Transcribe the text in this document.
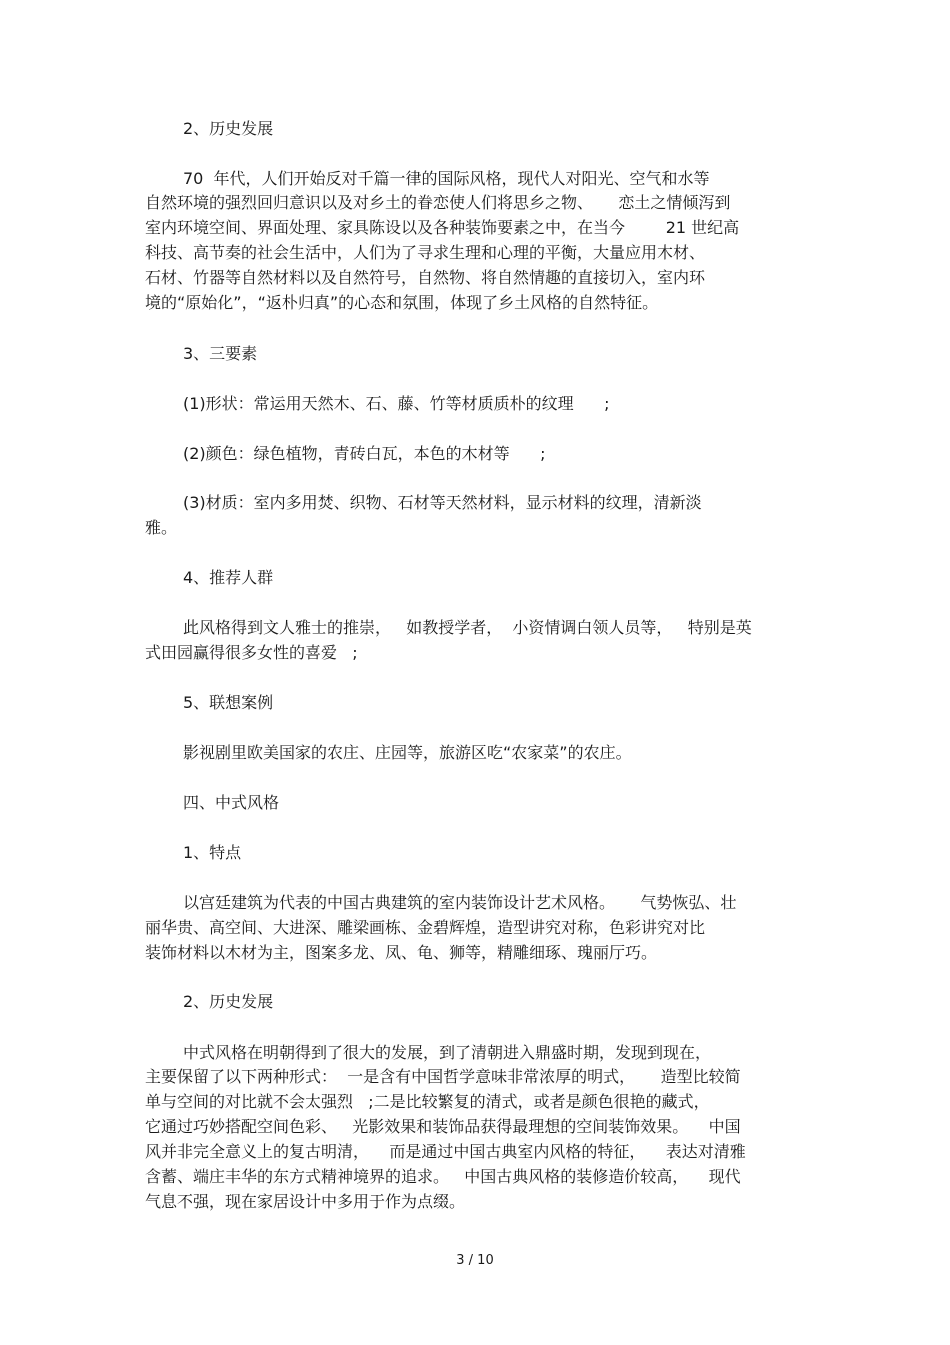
2、历史发展
70  年代，人们开始反对千篇一律的国际风格，现代人对阳光、空气和水等
自然环境的强烈回归意识以及对乡土的眷恋使人们将思乡之物、     恋土之情倾泻到
室内环境空间、界面处理、家具陈设以及各种装饰要素之中，在当今        21 世纪高
科技、高节奏的社会生活中，人们为了寻求生理和心理的平衡，大量应用木材、
石材、竹器等自然材料以及自然符号，自然物、将自然情趣的直接切入，室内环
境的“原始化”，“返朴归真”的心态和氛围，体现了乡土风格的自然特征。
3、三要素
(1)形状：常运用天然木、石、藤、竹等材质质朴的纹理      ;
(2)颜色：绿色植物，青砖白瓦，本色的木材等      ;
(3)材质：室内多用焚、织物、石材等天然材料，显示材料的纹理，清新淡
雅。
4、推荐人群
此风格得到文人雅士的推崇，   如教授学者，  小资情调白领人员等，   特别是英
式田园赢得很多女性的喜爱   ;
5、联想案例
影视剧里欧美国家的农庄、庄园等，旅游区吃“农家菜”的农庄。
四、中式风格
1、特点
以宫廷建筑为代表的中国古典建筑的室内装饰设计艺术风格。     气势恢弘、壮
丽华贵、高空间、大进深、雕梁画栋、金碧辉煌，造型讲究对称，色彩讲究对比
装饰材料以木材为主，图案多龙、凤、龟、狮等，精雕细琢、瑰丽厅巧。
2、历史发展
中式风格在明朝得到了很大的发展，到了清朝进入鼎盛时期，发现到现在，
主要保留了以下两种形式：  一是含有中国哲学意味非常浓厚的明式，     造型比较简
单与空间的对比就不会太强烈   ;二是比较繁复的清式，或者是颜色很艳的藏式，
它通过巧妙搭配空间色彩、   光影效果和装饰品获得最理想的空间装饰效果。    中国
风并非完全意义上的复古明清，    而是通过中国古典室内风格的特征，    表达对清雅
含蓄、端庄丰华的东方式精神境界的追求。   中国古典风格的装修造价较高，    现代
气息不强，现在家居设计中多用于作为点缀。
3 / 10
